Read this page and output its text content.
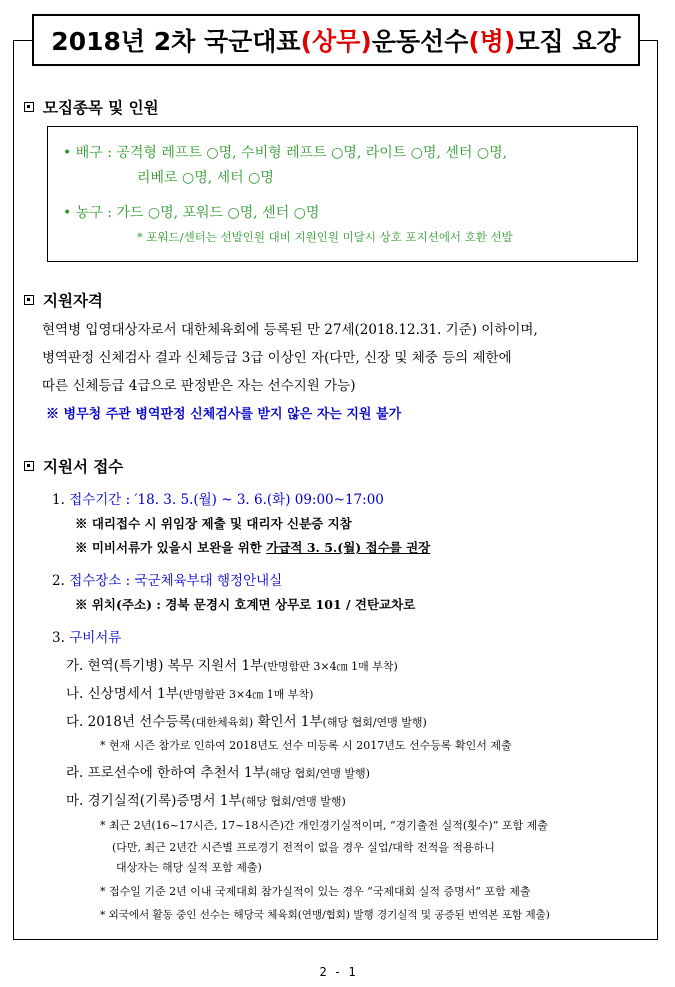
2018년 2차 국군대표 (상무) 운동선수 (병) 모집 요강
모집종목 및 인원
• 배구 : 공격형 레프트 ○명, 수비형 레프트 ○명, 라이트 ○명, 센터 ○명,
리베로 ○명, 세터 ○명
• 농구 : 가드 ○명, 포워드 ○명, 센터 ○명
* 포워드/센터는 선발인원 대비 지원인원 미달시 상호 포지션에서 호환 선발
지원자격
현역병 입영대상자로서 대한체육회에 등록된 만 27세(2018.12.31. 기준) 이하이며,
병역판정 신체검사 결과 신체등급 3급 이상인 자(다만, 신장 및 체중 등의 제한에
따른 신체등급 4급으로 판정받은 자는 선수지원 가능)
※ 병무청 주관 병역판정 신체검사를 받지 않은 자는 지원 불가
지원서 접수
1. 접수기간 : ′18. 3. 5.(월) ~ 3. 6.(화) 09:00~17:00
※ 대리접수 시 위임장 제출 및 대리자 신분증 지참
※ 미비서류가 있을시 보완을 위한 가급적 3. 5.(월) 접수를 권장
2. 접수장소 : 국군체육부대 행정안내실
※ 위치(주소) : 경북 문경시 호계면 상무로 101 / 견탄교차로
3. 구비서류
가. 현역(특기병) 복무 지원서 1부(반명함판 3×4㎝ 1매 부착)
나. 신상명세서 1부(반명함판 3×4㎝ 1매 부착)
다. 2018년 선수등록(대한체육회) 확인서 1부(해당 협회/연맹 발행)
* 현재 시즌 참가로 인하여 2018년도 선수 미등록 시 2017년도 선수등록 확인서 제출
라. 프로선수에 한하여 추천서 1부(해당 협회/연맹 발행)
마. 경기실적(기록)증명서 1부(해당 협회/연맹 발행)
* 최근 2년(16~17시즌, 17~18시즌)간 개인경기실적이며, “경기출전 실적(횟수)” 포함 제출
(다만, 최근 2년간 시즌별 프로경기 전적이 없을 경우 실업/대학 전적을 적용하니
대상자는 해당 실적 포함 제출)
* 접수일 기준 2년 이내 국제대회 참가실적이 있는 경우 “국제대회 실적 증명서” 포함 제출
* 외국에서 활동 중인 선수는 해당국 체육회(연맹/협회) 발행 경기실적 및 공증된 번역본 포함 제출)
2 - 1
